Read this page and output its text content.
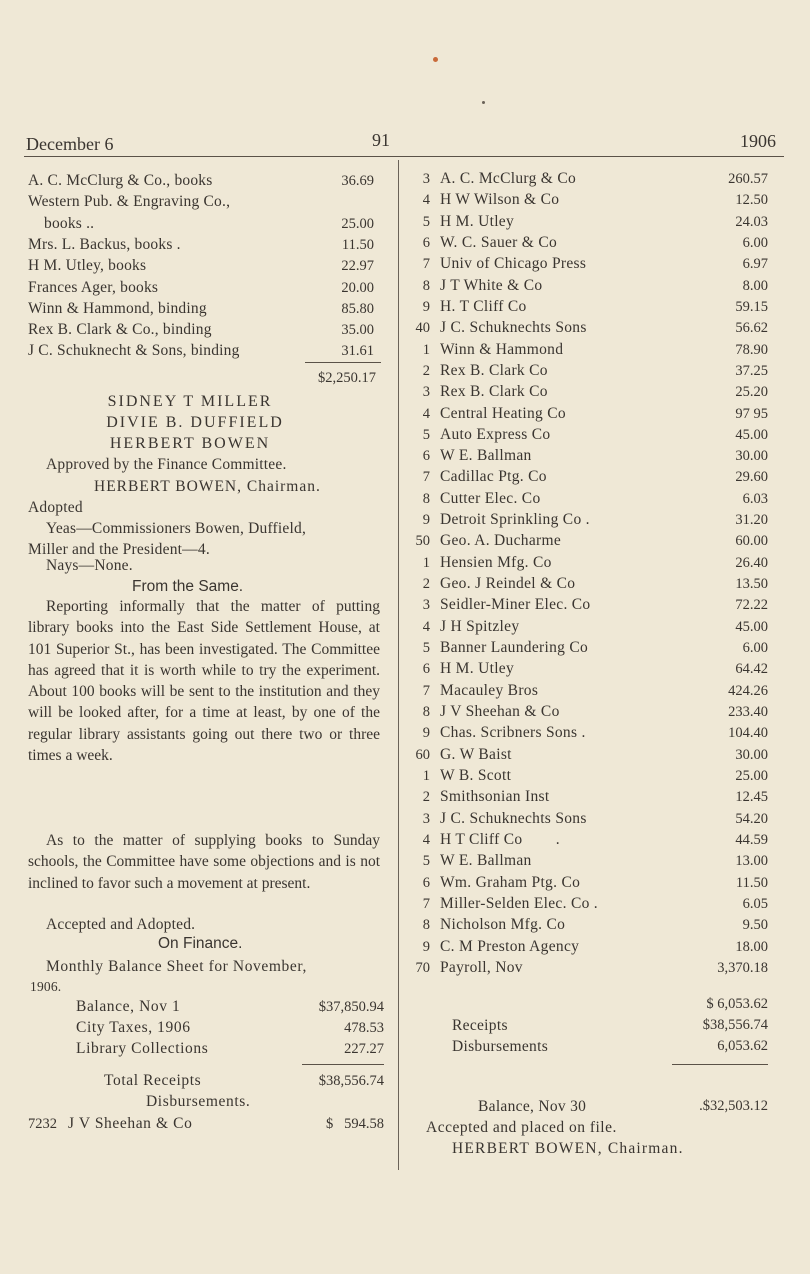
December 6	91	1906
A. C. McClurg & Co., books	36.69
Western Pub. & Engraving Co.,
books ..	25.00
Mrs. L. Backus, books .	11.50
H M. Utley, books	22.97
Frances Ager, books	20.00
Winn & Hammond, binding	85.80
Rex B. Clark & Co., binding	35.00
J C. Schuknecht & Sons, binding	31.61
$2,250.17
SIDNEY T MILLER
DIVIE B. DUFFIELD
HERBERT BOWEN
Approved by the Finance Committee.
HERBERT BOWEN, Chairman.
Adopted
Yeas—Commissioners Bowen, Duffield,
Miller and the President—4.
Nays—None.
From the Same.
Reporting informally that the matter of putting library books into the East Side Settlement House, at 101 Superior St., has been investigated. The Committee has agreed that it is worth while to try the experiment. About 100 books will be sent to the institution and they will be looked after, for a time at least, by one of the regular library assistants going out there two or three times a week.
As to the matter of supplying books to Sunday schools, the Committee have some objections and is not inclined to favor such a movement at present.
Accepted and Adopted.
On Finance.
Monthly Balance Sheet for November,
1906.
Balance, Nov 1	$37,850.94
City Taxes, 1906	478.53
Library Collections	227.27
Total Receipts	$38,556.74
Disbursements.
7232 J V Sheehan & Co	$   594.58
3 A. C. McClurg & Co	260.57
4 H W Wilson & Co	12.50
5 H M. Utley	24.03
6 W. C. Sauer & Co	6.00
7 Univ of Chicago Press	6.97
8 J T White & Co	8.00
9 H. T Cliff Co	59.15
40 J C. Schuknechts Sons	56.62
1 Winn & Hammond	78.90
2 Rex B. Clark Co	37.25
3 Rex B. Clark Co	25.20
4 Central Heating Co	97 95
5 Auto Express Co	45.00
6 W E. Ballman	30.00
7 Cadillac Ptg. Co	29.60
8 Cutter Elec. Co	6.03
9 Detroit Sprinkling Co .	31.20
50 Geo. A. Ducharme	60.00
1 Hensien Mfg. Co	26.40
2 Geo. J Reindel & Co	13.50
3 Seidler-Miner Elec. Co	72.22
4 J H Spitzley	45.00
5 Banner Laundering Co	6.00
6 H M. Utley	64.42
7 Macauley Bros	424.26
8 J V Sheehan & Co	233.40
9 Chas. Scribners Sons .	104.40
60 G. W Baist	30.00
1 W B. Scott	25.00
2 Smithsonian Inst	12.45
3 J C. Schuknechts Sons	54.20
4 H T Cliff Co        .	44.59
5 W E. Ballman	13.00
6 Wm. Graham Ptg. Co	11.50
7 Miller-Selden Elec. Co .	6.05
8 Nicholson Mfg. Co	9.50
9 C. M Preston Agency	18.00
70 Payroll, Nov	3,370.18
$ 6,053.62
Receipts	$38,556.74
Disbursements	6,053.62
Balance, Nov 30	.$32,503.12
Accepted and placed on file.
HERBERT BOWEN, Chairman.
